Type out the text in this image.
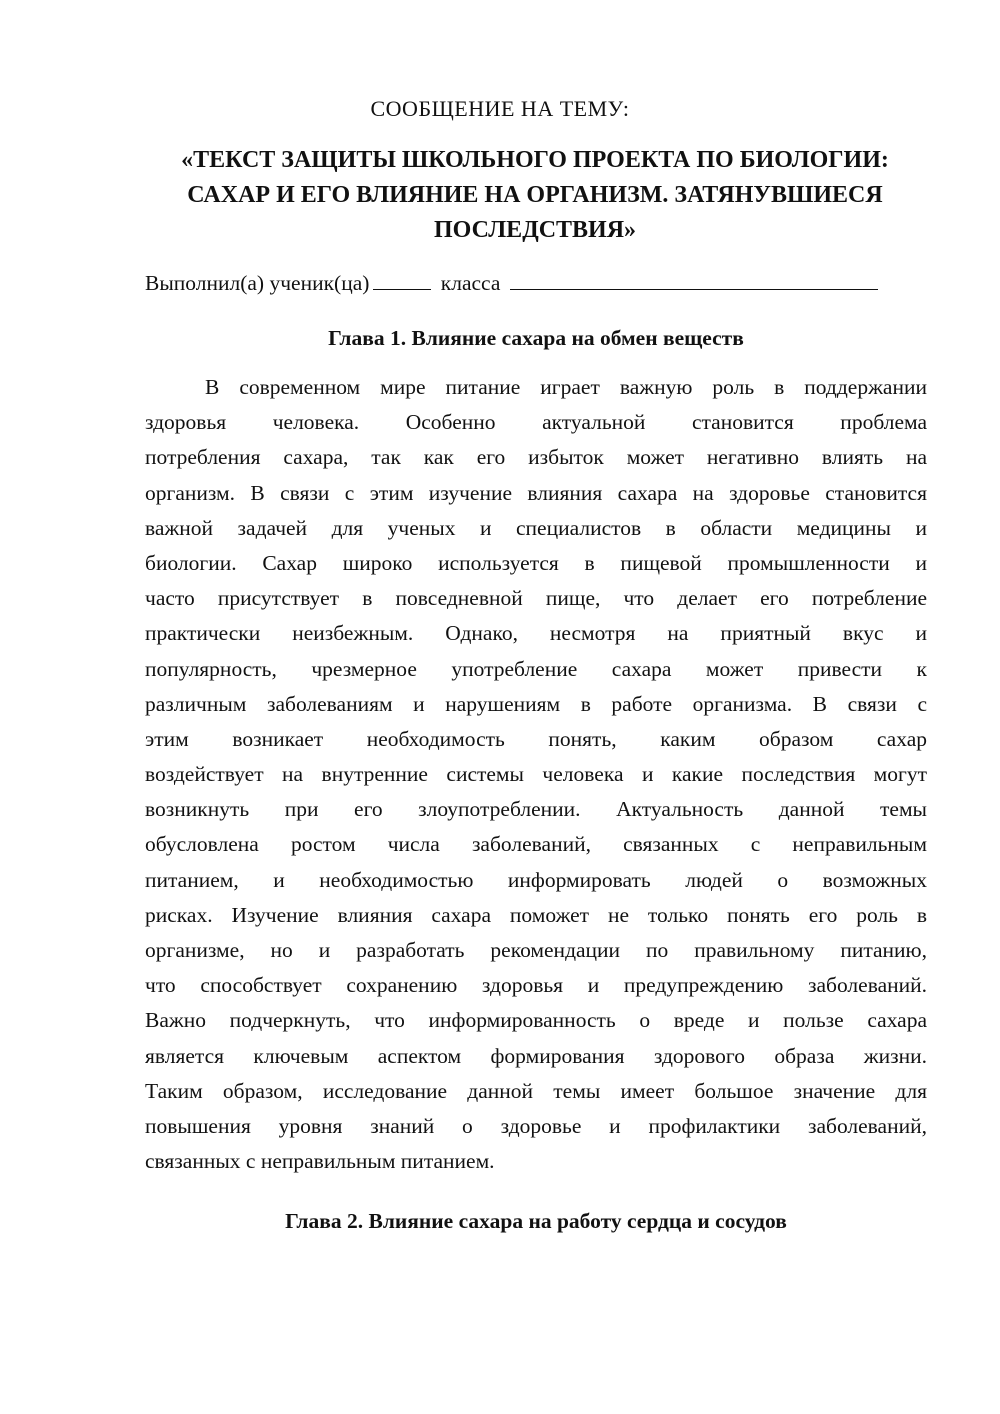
СООБЩЕНИЕ НА ТЕМУ:
«ТЕКСТ ЗАЩИТЫ ШКОЛЬНОГО ПРОЕКТА ПО БИОЛОГИИ:
САХАР И ЕГО ВЛИЯНИЕ НА ОРГАНИЗМ. ЗАТЯНУВШИЕСЯ
ПОСЛЕДСТВИЯ»
Выполнил(а) ученик(ца)	класса
Глава 1. Влияние сахара на обмен веществ
В современном мире питание играет важную роль в поддержании
здоровья человека. Особенно актуальной становится проблема
потребления сахара, так как его избыток может негативно влиять на
организм. В связи с этим изучение влияния сахара на здоровье становится
важной задачей для ученых и специалистов в области медицины и
биологии. Сахар широко используется в пищевой промышленности и
часто присутствует в повседневной пище, что делает его потребление
практически неизбежным. Однако, несмотря на приятный вкус и
популярность, чрезмерное употребление сахара может привести к
различным заболеваниям и нарушениям в работе организма. В связи с
этим возникает необходимость понять, каким образом сахар
воздействует на внутренние системы человека и какие последствия могут
возникнуть при его злоупотреблении. Актуальность данной темы
обусловлена ростом числа заболеваний, связанных с неправильным
питанием, и необходимостью информировать людей о возможных
рисках. Изучение влияния сахара поможет не только понять его роль в
организме, но и разработать рекомендации по правильному питанию,
что способствует сохранению здоровья и предупреждению заболеваний.
Важно подчеркнуть, что информированность о вреде и пользе сахара
является ключевым аспектом формирования здорового образа жизни.
Таким образом, исследование данной темы имеет большое значение для
повышения уровня знаний о здоровье и профилактики заболеваний,
связанных с неправильным питанием.
Глава 2. Влияние сахара на работу сердца и сосудов
